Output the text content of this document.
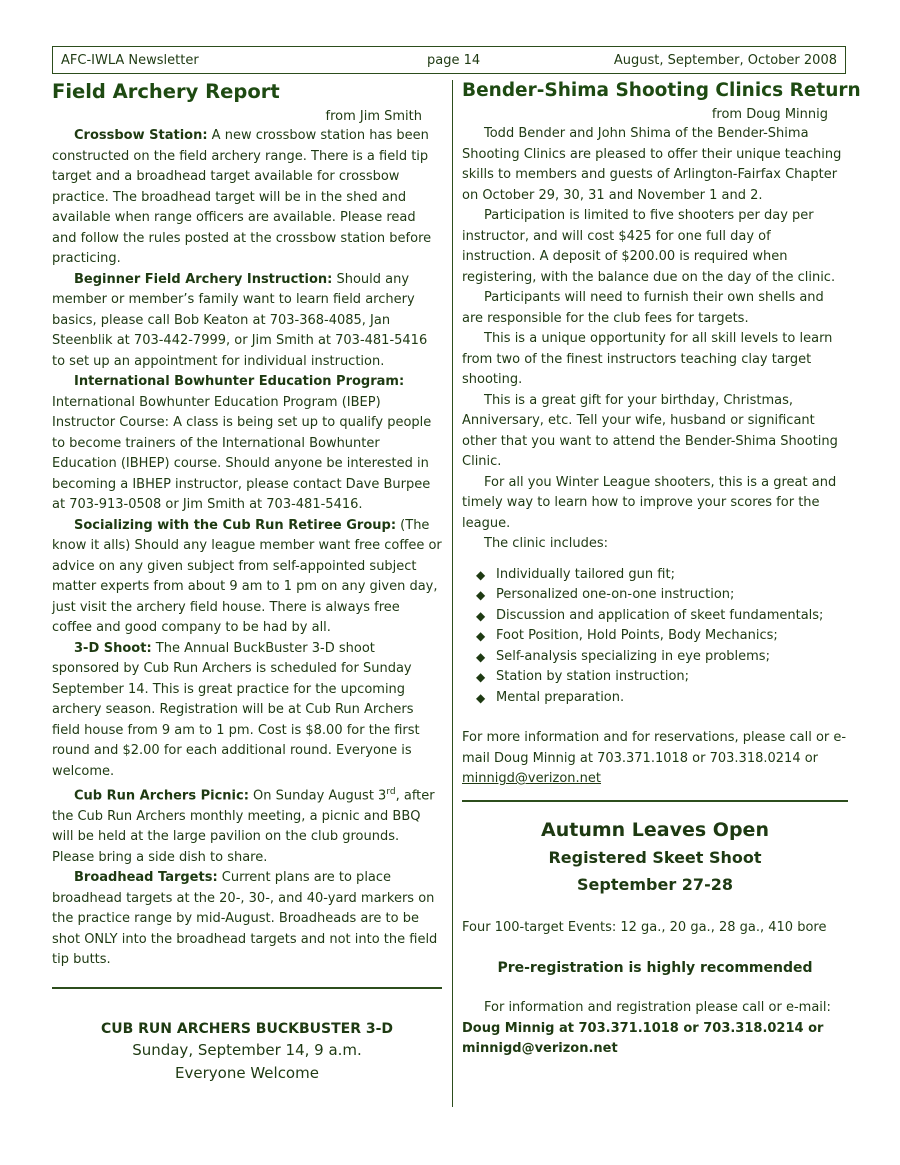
AFC-IWLA Newsletter	page 14	August, September, October 2008
Field Archery Report
from Jim Smith

Crossbow Station: A new crossbow station has been constructed on the field archery range. There is a field tip target and a broadhead target available for crossbow practice. The broadhead target will be in the shed and available when range officers are available. Please read and follow the rules posted at the crossbow station before practicing.

Beginner Field Archery Instruction: Should any member or member’s family want to learn field archery basics, please call Bob Keaton at 703-368-4085, Jan Steenblik at 703-442-7999, or Jim Smith at 703-481-5416 to set up an appointment for individual instruction.

International Bowhunter Education Program: International Bowhunter Education Program (IBEP) Instructor Course: A class is being set up to qualify people to become trainers of the International Bowhunter Education (IBHEP) course. Should anyone be interested in becoming a IBHEP instructor, please contact Dave Burpee at 703-913-0508 or Jim Smith at 703-481-5416.

Socializing with the Cub Run Retiree Group: (The know it alls) Should any league member want free coffee or advice on any given subject from self-appointed subject matter experts from about 9 am to 1 pm on any given day, just visit the archery field house. There is always free coffee and good company to be had by all.

3-D Shoot: The Annual BuckBuster 3-D shoot sponsored by Cub Run Archers is scheduled for Sunday September 14. This is great practice for the upcoming archery season. Registration will be at Cub Run Archers field house from 9 am to 1 pm. Cost is $8.00 for the first round and $2.00 for each additional round. Everyone is welcome.

Cub Run Archers Picnic: On Sunday August 3rd, after the Cub Run Archers monthly meeting, a picnic and BBQ will be held at the large pavilion on the club grounds. Please bring a side dish to share.

Broadhead Targets: Current plans are to place broadhead targets at the 20-, 30-, and 40-yard markers on the practice range by mid-August. Broadheads are to be shot ONLY into the broadhead targets and not into the field tip butts.

CUB RUN ARCHERS BUCKBUSTER 3-D
Sunday, September 14, 9 a.m.
Everyone Welcome
Bender-Shima Shooting Clinics Return
from Doug Minnig

Todd Bender and John Shima of the Bender-Shima Shooting Clinics are pleased to offer their unique teaching skills to members and guests of Arlington-Fairfax Chapter on October 29, 30, 31 and November 1 and 2.

Participation is limited to five shooters per day per instructor, and will cost $425 for one full day of instruction. A deposit of $200.00 is required when registering, with the balance due on the day of the clinic.

Participants will need to furnish their own shells and are responsible for the club fees for targets.

This is a unique opportunity for all skill levels to learn from two of the finest instructors teaching clay target shooting.

This is a great gift for your birthday, Christmas, Anniversary, etc. Tell your wife, husband or significant other that you want to attend the Bender-Shima Shooting Clinic.

For all you Winter League shooters, this is a great and timely way to learn how to improve your scores for the league.

The clinic includes:

◆ Individually tailored gun fit;
◆ Personalized one-on-one instruction;
◆ Discussion and application of skeet fundamentals;
◆ Foot Position, Hold Points, Body Mechanics;
◆ Self-analysis specializing in eye problems;
◆ Station by station instruction;
◆ Mental preparation.

For more information and for reservations, please call or e-mail Doug Minnig at 703.371.1018 or 703.318.0214 or minnigd@verizon.net

Autumn Leaves Open
Registered Skeet Shoot
September 27-28

Four 100-target Events: 12 ga., 20 ga., 28 ga., 410 bore

Pre-registration is highly recommended

For information and registration please call or e-mail: Doug Minnig at 703.371.1018 or 703.318.0214 or minnigd@verizon.net
